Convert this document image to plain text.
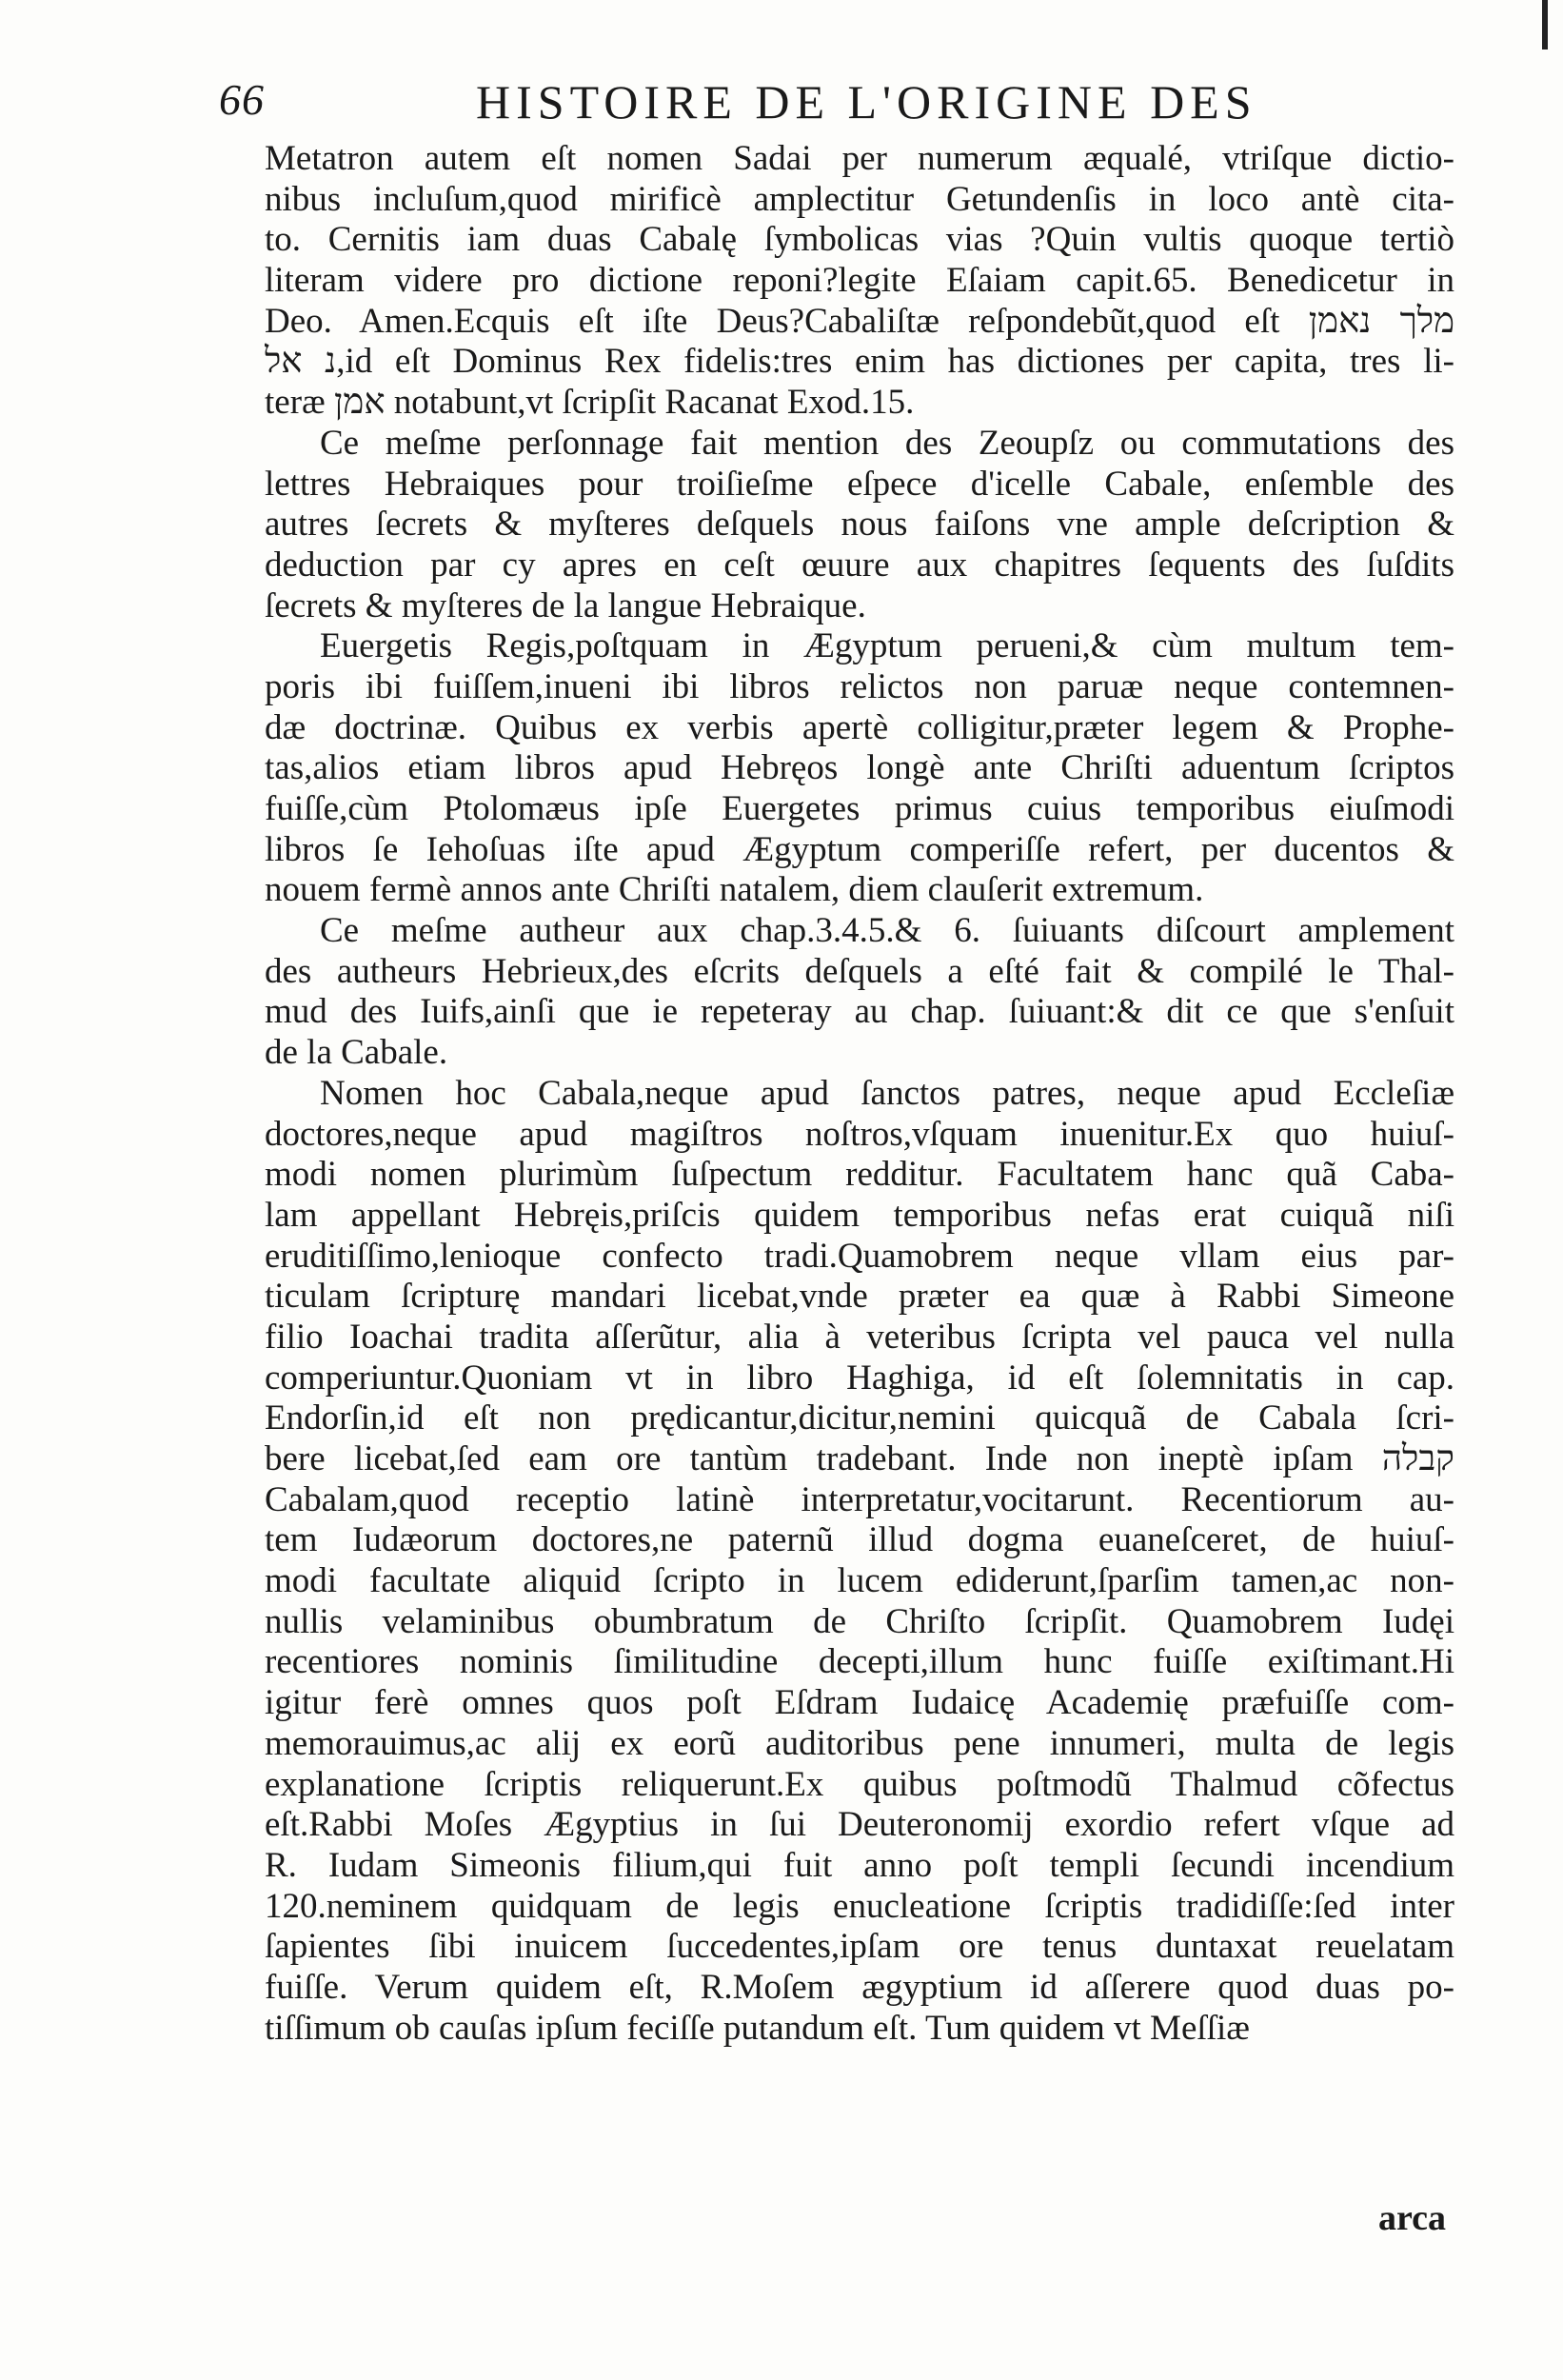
66	HISTOIRE DE L'ORIGINE DES
Metatron autem eſt nomen Sadai per numerum æqualé, vtriſque dictio-
nibus incluſum,quod mirificè amplectitur Getundenſis in loco antè cita-
to. Cernitis iam duas Cabalę ſymbolicas vias ?Quin vultis quoque tertiò
literam videre pro dictione reponi?legite Eſaiam capit.65. Benedicetur in
Deo. Amen.Ecquis eſt iſte Deus?Cabaliſtæ reſpondebũt,quod eſt מלך נאמן
נ אל,id eſt Dominus Rex fidelis:tres enim has dictiones per capita, tres li-
teræ אמן notabunt,vt ſcripſit Racanat Exod.15.
Ce meſme perſonnage fait mention des Zeoupſz ou commutations des
lettres Hebraiques pour troiſieſme eſpece d'icelle Cabale, enſemble des
autres ſecrets & myſteres deſquels nous faiſons vne ample deſcription &
deduction par cy apres en ceſt œuure aux chapitres ſequents des ſuſdits
ſecrets & myſteres de la langue Hebraique.
Euergetis Regis,poſtquam in Ægyptum perueni,& cùm multum tem-
poris ibi fuiſſem,inueni ibi libros relictos non paruæ neque contemnen-
dæ doctrinæ. Quibus ex verbis apertè colligitur,præter legem & Prophe-
tas,alios etiam libros apud Hebręos longè ante Chriſti aduentum ſcriptos
fuiſſe,cùm Ptolomæus ipſe Euergetes primus cuius temporibus eiuſmodi
libros ſe Iehoſuas iſte apud Ægyptum comperiſſe refert, per ducentos &
nouem fermè annos ante Chriſti natalem, diem clauſerit extremum.
Ce meſme autheur aux chap.3.4.5.& 6. ſuiuants diſcourt amplement
des autheurs Hebrieux,des eſcrits deſquels a eſté fait & compilé le Thal-
mud des Iuifs,ainſi que ie repeteray au chap. ſuiuant:& dit ce que s'enſuit
de la Cabale.
Nomen hoc Cabala,neque apud ſanctos patres, neque apud Eccleſiæ
doctores,neque apud magiſtros noſtros,vſquam inuenitur.Ex quo huiuſ-
modi nomen plurimùm ſuſpectum redditur. Facultatem hanc quã Caba-
lam appellant Hebręis,priſcis quidem temporibus nefas erat cuiquã niſi
eruditiſſimo,lenioque confecto tradi.Quamobrem neque vllam eius par-
ticulam ſcripturę mandari licebat,vnde præter ea quæ à Rabbi Simeone
filio Ioachai tradita aſſerũtur, alia à veteribus ſcripta vel pauca vel nulla
comperiuntur.Quoniam vt in libro Haghiga, id eſt ſolemnitatis in cap.
Endorſin,id eſt non prędicantur,dicitur,nemini quicquã de Cabala ſcri-
bere licebat,ſed eam ore tantùm tradebant. Inde non ineptè ipſam קבלה
Cabalam,quod receptio latinè interpretatur,vocitarunt. Recentiorum au-
tem Iudæorum doctores,ne paternũ illud dogma euaneſceret, de huiuſ-
modi facultate aliquid ſcripto in lucem ediderunt,ſparſim tamen,ac non-
nullis velaminibus obumbratum de Chriſto ſcripſit. Quamobrem Iudęi
recentiores nominis ſimilitudine decepti,illum hunc fuiſſe exiſtimant.Hi
igitur ferè omnes quos poſt Eſdram Iudaicę Academię præfuiſſe com-
memorauimus,ac alij ex eorũ auditoribus pene innumeri, multa de legis
explanatione ſcriptis reliquerunt.Ex quibus poſtmodũ Thalmud cõfectus
eſt.Rabbi Moſes Ægyptius in ſui Deuteronomij exordio refert vſque ad
R. Iudam Simeonis filium,qui fuit anno poſt templi ſecundi incendium
120.neminem quidquam de legis enucleatione ſcriptis tradidiſſe:ſed inter
ſapientes ſibi inuicem ſuccedentes,ipſam ore tenus duntaxat reuelatam
fuiſſe. Verum quidem eſt, R.Moſem ægyptium id aſſerere quod duas po-
tiſſimum ob cauſas ipſum feciſſe putandum eſt. Tum quidem vt Meſſiæ
arca
